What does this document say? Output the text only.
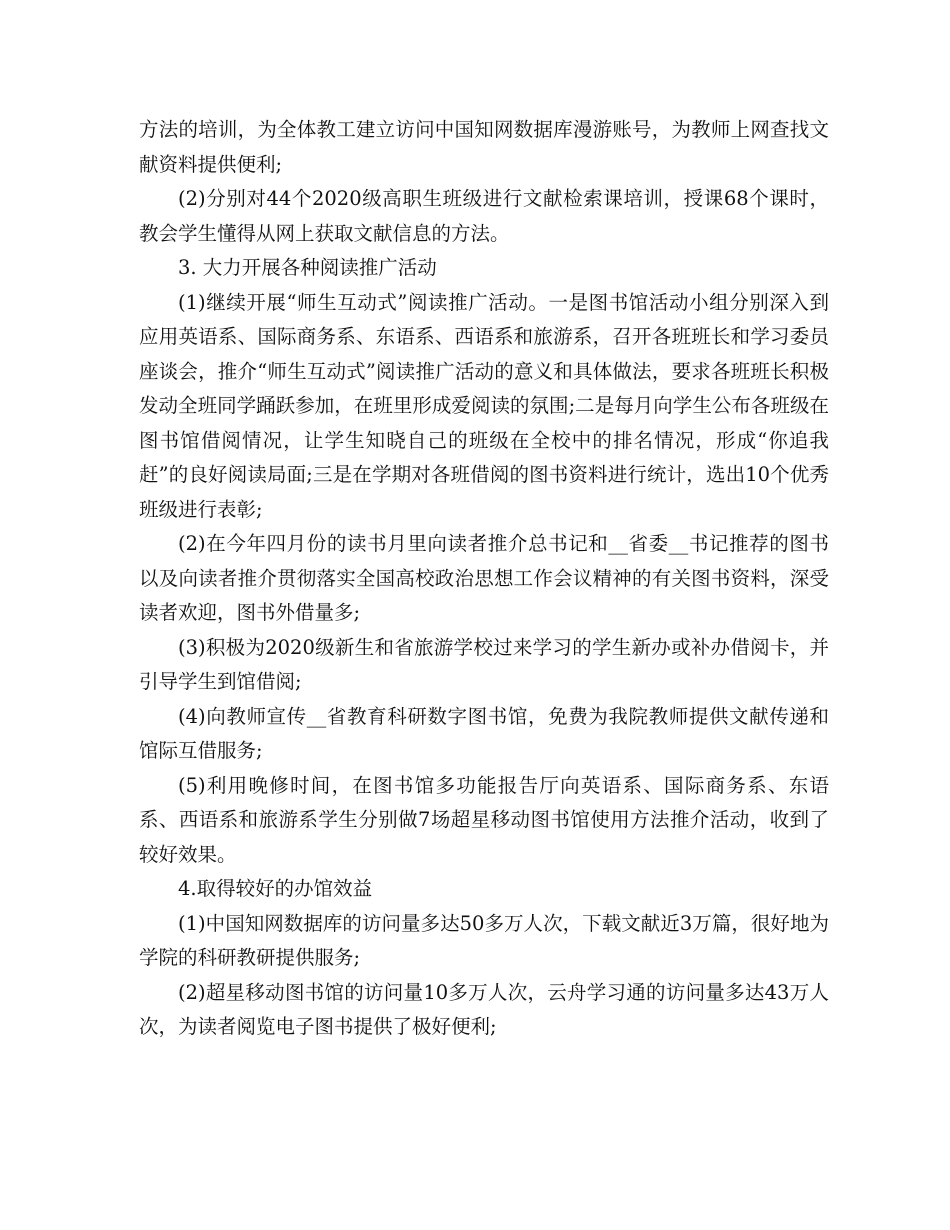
方法的培训，为全体教工建立访问中国知网数据库漫游账号，为教师上网查找文献资料提供便利;

(2)分别对44个2020级高职生班级进行文献检索课培训，授课68个课时，教会学生懂得从网上获取文献信息的方法。

3. 大力开展各种阅读推广活动

(1)继续开展“师生互动式”阅读推广活动。一是图书馆活动小组分别深入到应用英语系、国际商务系、东语系、西语系和旅游系，召开各班班长和学习委员座谈会，推介“师生互动式”阅读推广活动的意义和具体做法，要求各班班长积极发动全班同学踊跃参加，在班里形成爱阅读的氛围;二是每月向学生公布各班级在图书馆借阅情况，让学生知晓自己的班级在全校中的排名情况，形成“你追我赶”的良好阅读局面;三是在学期对各班借阅的图书资料进行统计，选出10个优秀班级进行表彰;

(2)在今年四月份的读书月里向读者推介总书记和__省委__书记推荐的图书以及向读者推介贯彻落实全国高校政治思想工作会议精神的有关图书资料，深受读者欢迎，图书外借量多;

(3)积极为2020级新生和省旅游学校过来学习的学生新办或补办借阅卡，并引导学生到馆借阅;

(4)向教师宣传__省教育科研数字图书馆，免费为我院教师提供文献传递和馆际互借服务;

(5)利用晚修时间，在图书馆多功能报告厅向英语系、国际商务系、东语系、西语系和旅游系学生分别做7场超星移动图书馆使用方法推介活动，收到了较好效果。

4.取得较好的办馆效益

(1)中国知网数据库的访问量多达50多万人次，下载文献近3万篇，很好地为学院的科研教研提供服务;

(2)超星移动图书馆的访问量10多万人次，云舟学习通的访问量多达43万人次，为读者阅览电子图书提供了极好便利;
